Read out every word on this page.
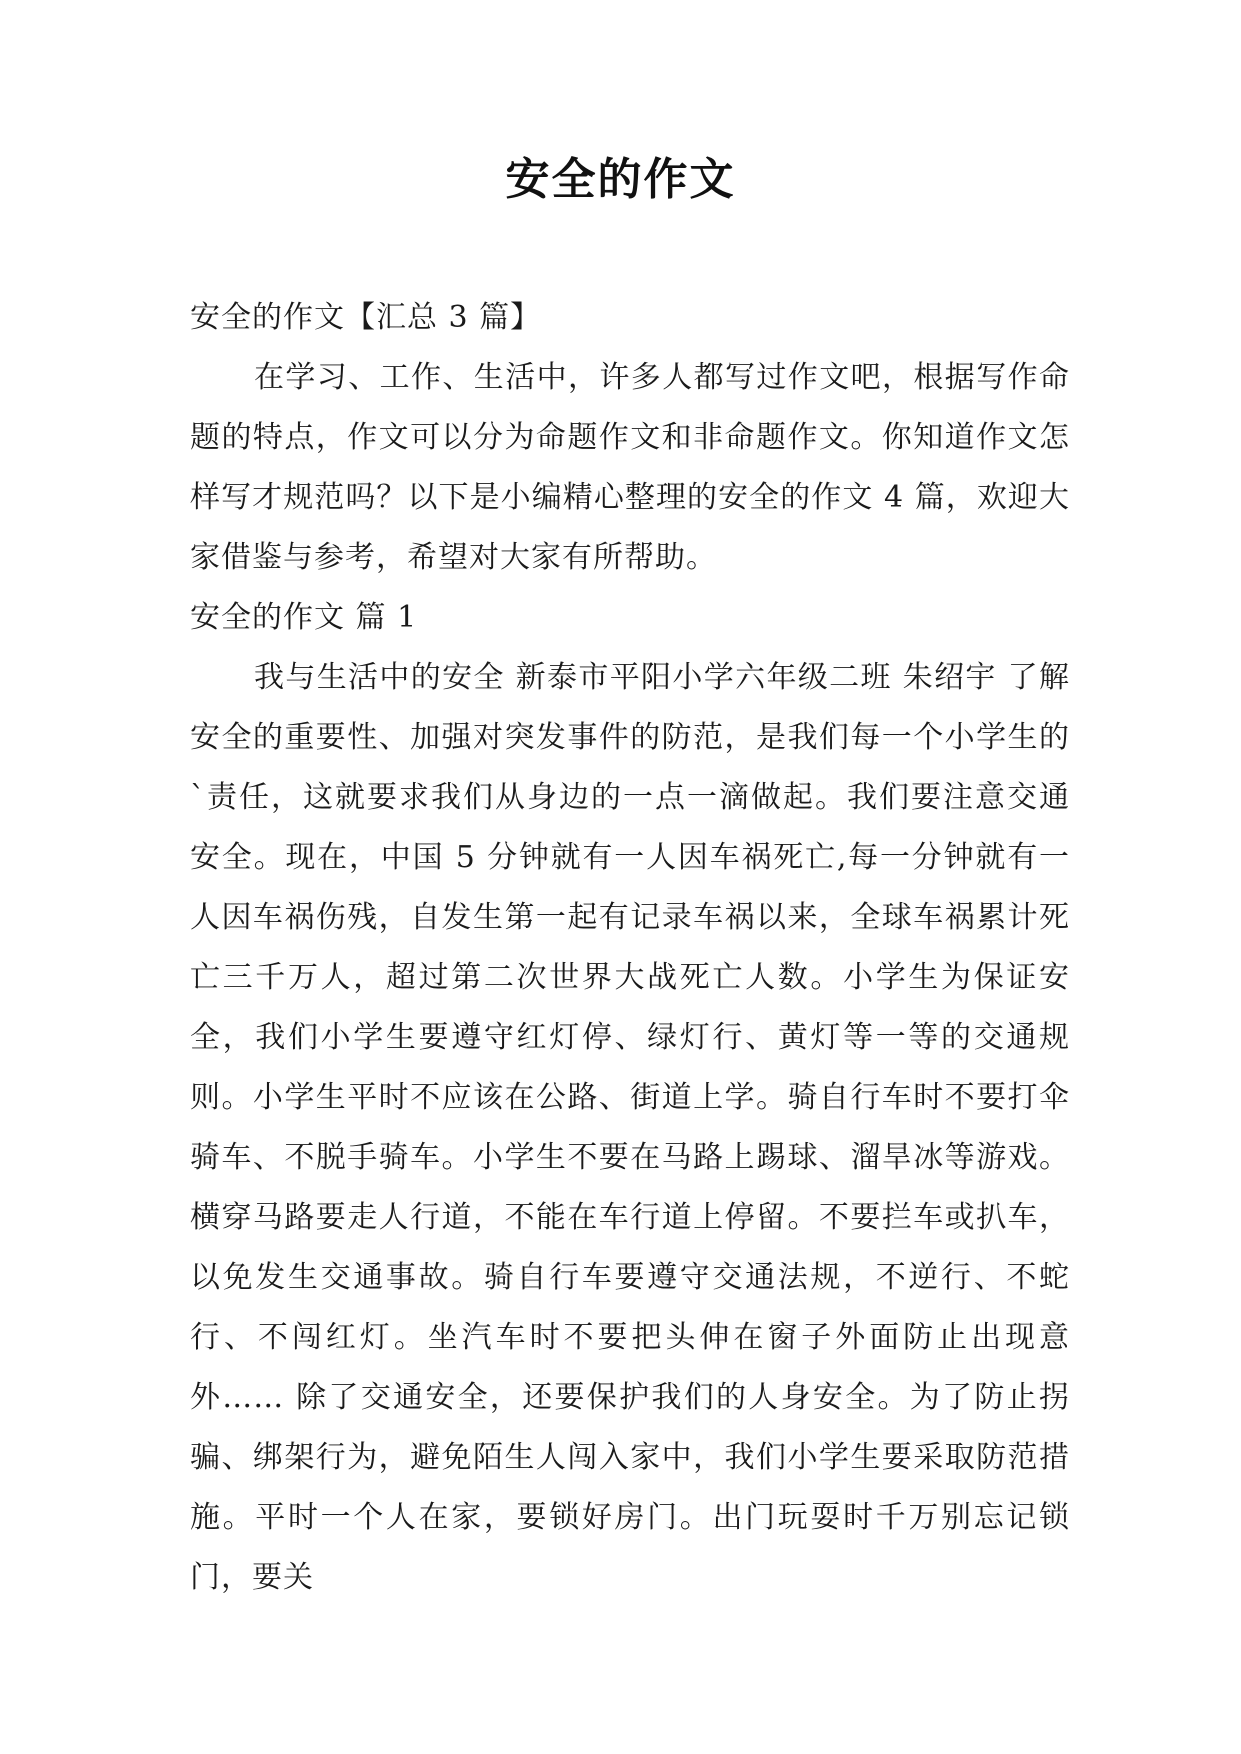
安全的作文

安全的作文【汇总 3 篇】

在学习、工作、生活中，许多人都写过作文吧，根据写作命题的特点，作文可以分为命题作文和非命题作文。你知道作文怎样写才规范吗？以下是小编精心整理的安全的作文 4 篇，欢迎大家借鉴与参考，希望对大家有所帮助。

安全的作文 篇 1

我与生活中的安全 新泰市平阳小学六年级二班 朱绍宇 了解安全的重要性、加强对突发事件的防范，是我们每一个小学生的`责任，这就要求我们从身边的一点一滴做起。我们要注意交通安全。现在，中国 5 分钟就有一人因车祸死亡,每一分钟就有一人因车祸伤残，自发生第一起有记录车祸以来，全球车祸累计死亡三千万人，超过第二次世界大战死亡人数。小学生为保证安全，我们小学生要遵守红灯停、绿灯行、黄灯等一等的交通规则。小学生平时不应该在公路、街道上学。骑自行车时不要打伞骑车、不脱手骑车。小学生不要在马路上踢球、溜旱冰等游戏。横穿马路要走人行道，不能在车行道上停留。不要拦车或扒车，以免发生交通事故。骑自行车要遵守交通法规，不逆行、不蛇行、不闯红灯。坐汽车时不要把头伸在窗子外面防止出现意外…… 除了交通安全，还要保护我们的人身安全。为了防止拐骗、绑架行为，避免陌生人闯入家中，我们小学生要采取防范措施。平时一个人在家，要锁好房门。出门玩耍时千万别忘记锁门，要关
